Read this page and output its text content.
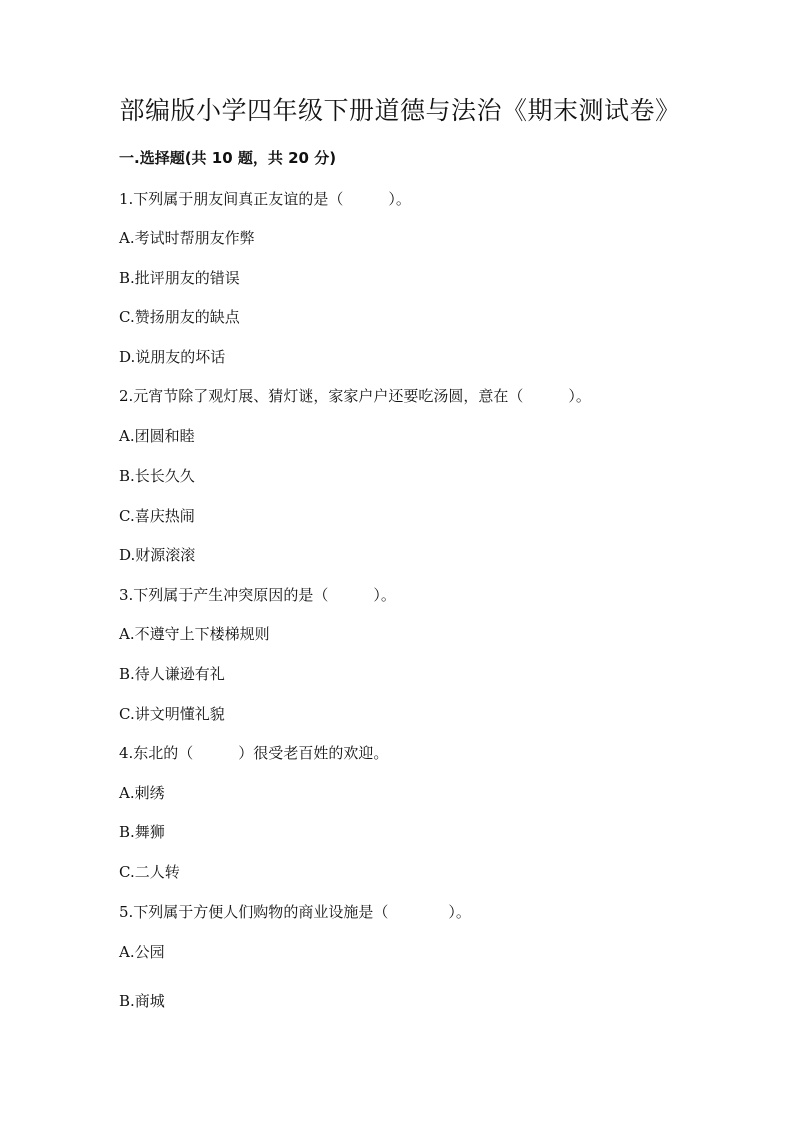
部编版小学四年级下册道德与法治《期末测试卷》
一.选择题(共 10 题，共 20 分)
1.下列属于朋友间真正友谊的是（　　　）。
A.考试时帮朋友作弊
B.批评朋友的错误
C.赞扬朋友的缺点
D.说朋友的坏话
2.元宵节除了观灯展、猜灯谜，家家户户还要吃汤圆，意在（　　　）。
A.团圆和睦
B.长长久久
C.喜庆热闹
D.财源滚滚
3.下列属于产生冲突原因的是（　　　）。
A.不遵守上下楼梯规则
B.待人谦逊有礼
C.讲文明懂礼貌
4.东北的（　　　）很受老百姓的欢迎。
A.刺绣
B.舞狮
C.二人转
5.下列属于方便人们购物的商业设施是（　　　　）。
A.公园
B.商城
